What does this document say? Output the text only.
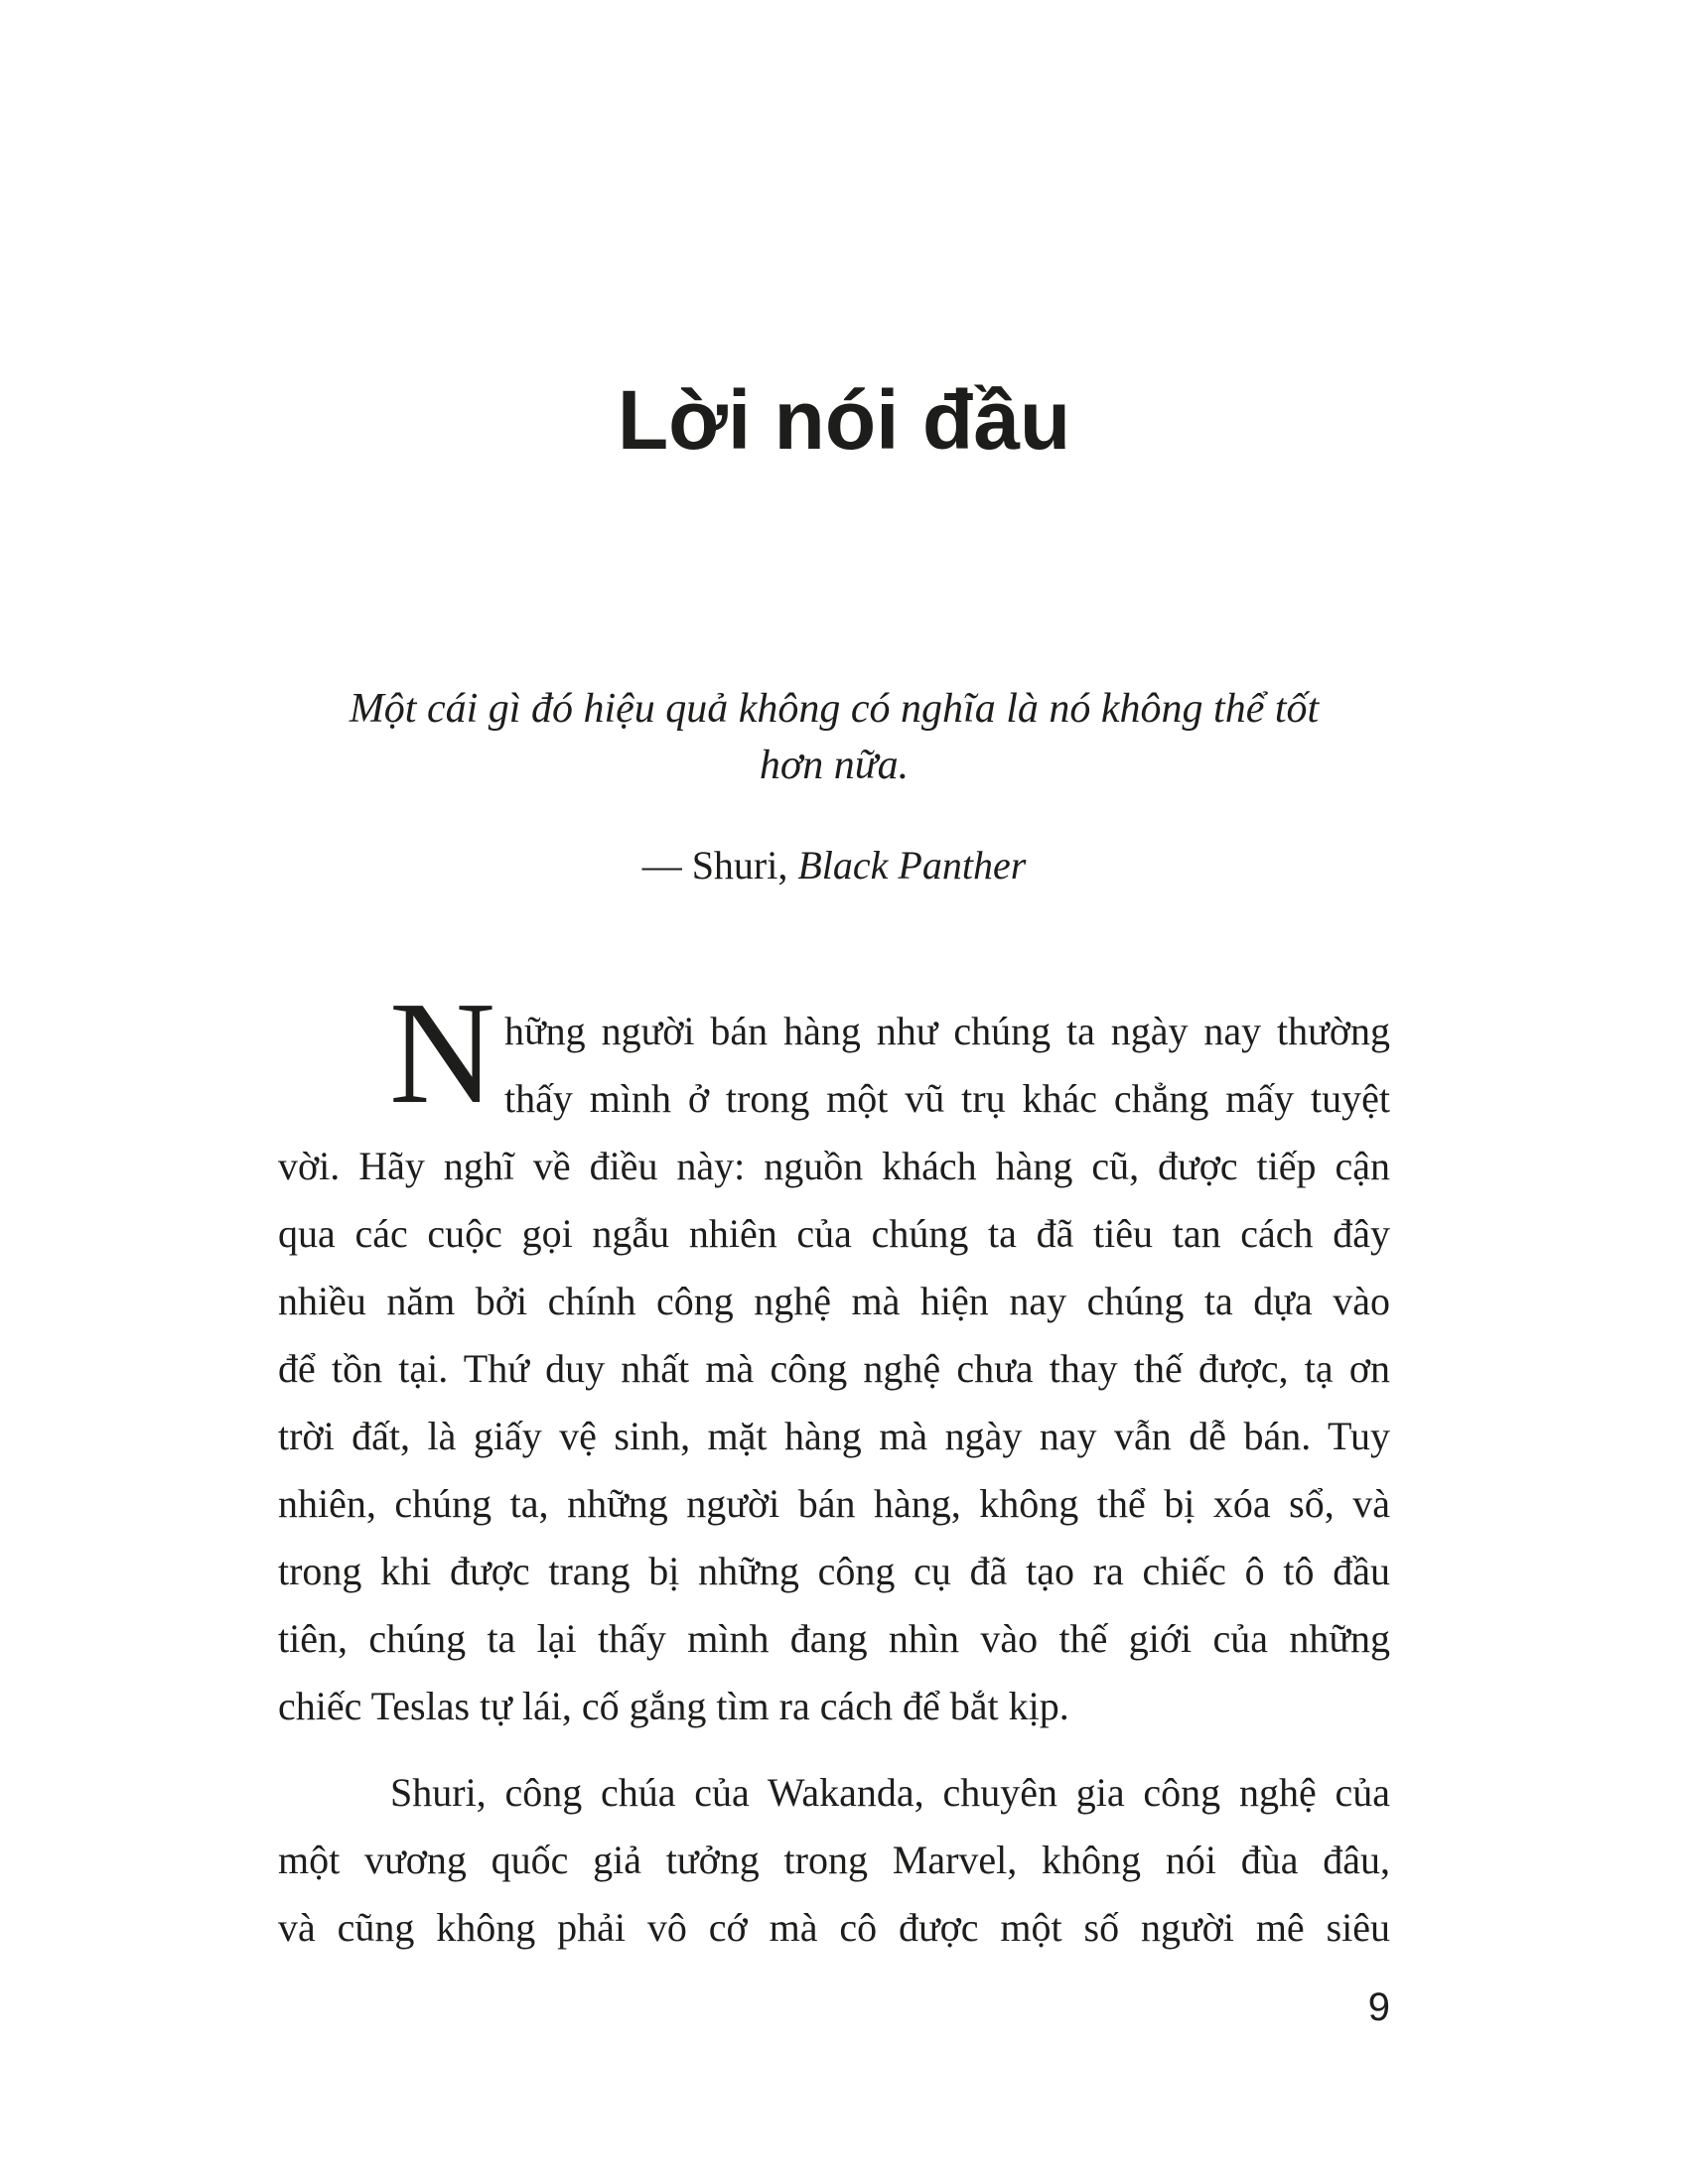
Lời nói đầu
Một cái gì đó hiệu quả không có nghĩa là nó không thể tốt
hơn nữa.
— Shuri, Black Panther
N hững người bán hàng như chúng ta ngày nay thường
thấy mình ở trong một vũ trụ khác chẳng mấy tuyệt
vời. Hãy nghĩ về điều này: nguồn khách hàng cũ, được tiếp cận
qua các cuộc gọi ngẫu nhiên của chúng ta đã tiêu tan cách đây
nhiều năm bởi chính công nghệ mà hiện nay chúng ta dựa vào
để tồn tại. Thứ duy nhất mà công nghệ chưa thay thế được, tạ ơn
trời đất, là giấy vệ sinh, mặt hàng mà ngày nay vẫn dễ bán. Tuy
nhiên, chúng ta, những người bán hàng, không thể bị xóa sổ, và
trong khi được trang bị những công cụ đã tạo ra chiếc ô tô đầu
tiên, chúng ta lại thấy mình đang nhìn vào thế giới của những
chiếc Teslas tự lái, cố gắng tìm ra cách để bắt kịp.
Shuri, công chúa của Wakanda, chuyên gia công nghệ của
một vương quốc giả tưởng trong Marvel, không nói đùa đâu,
và cũng không phải vô cớ mà cô được một số người mê siêu
9
